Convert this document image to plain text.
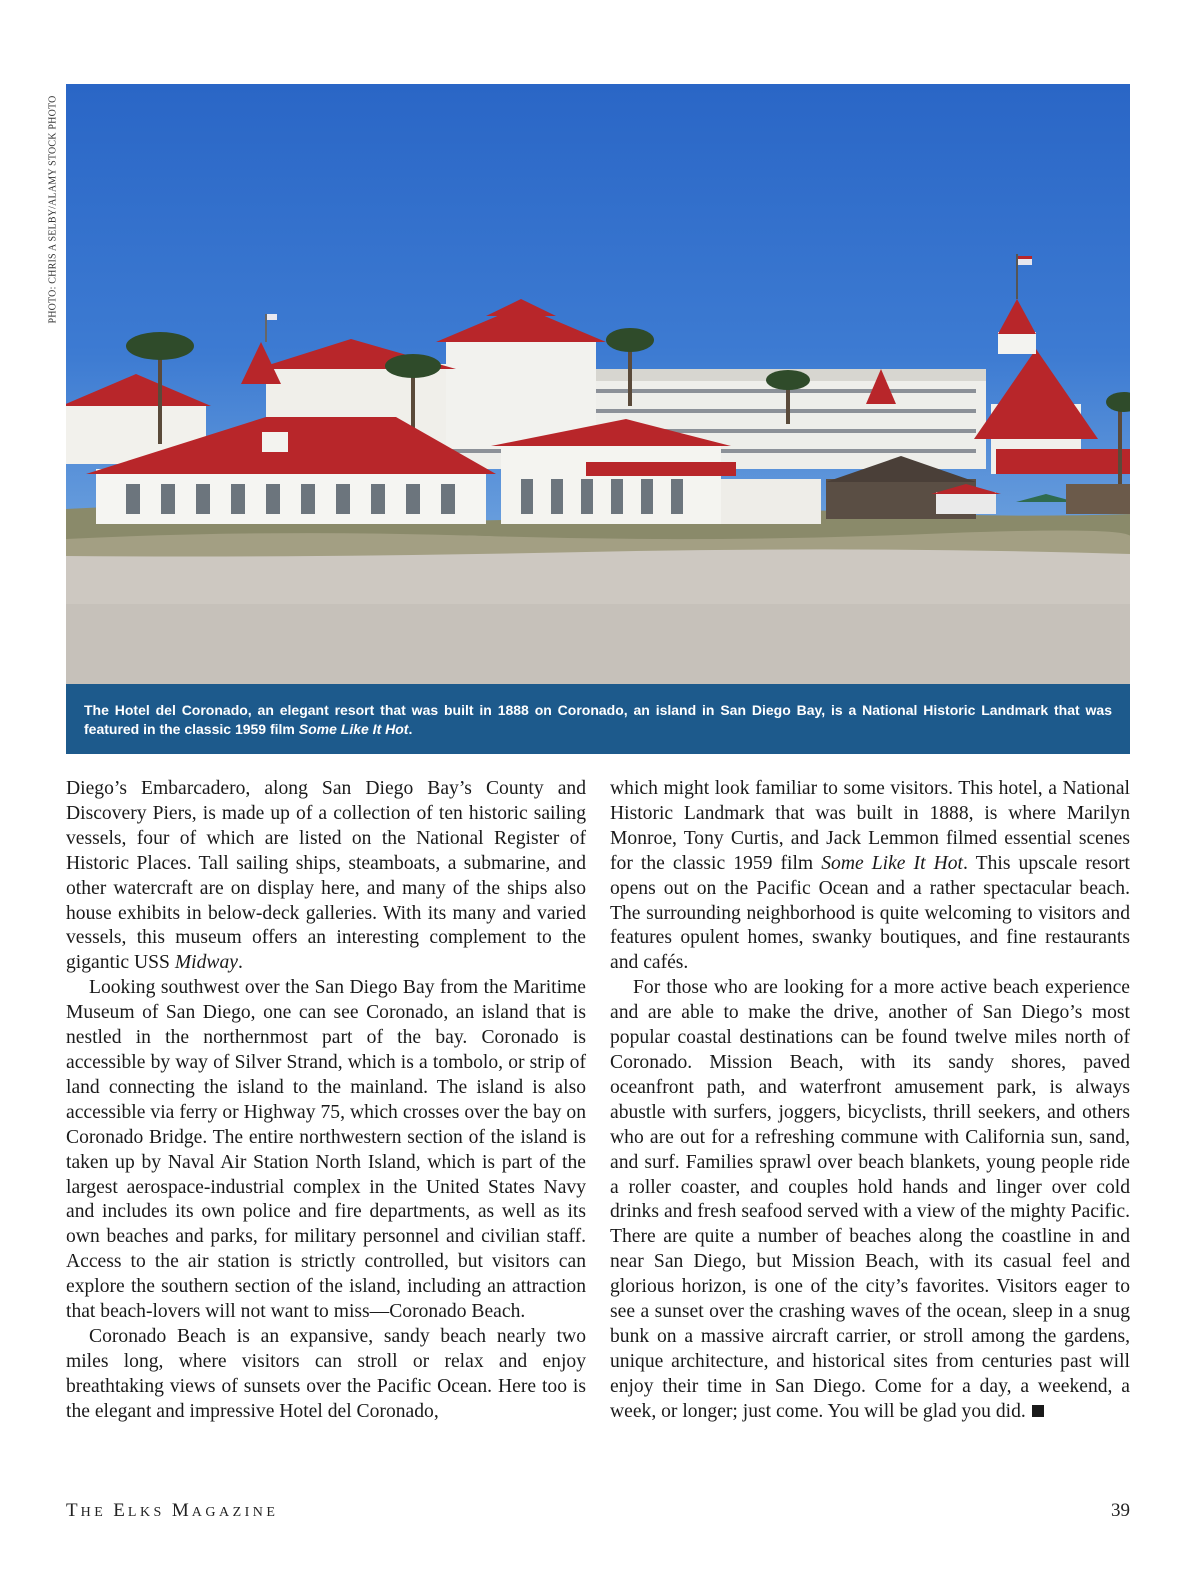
PHOTO: CHRIS A SELBY/ALAMY STOCK PHOTO
The Hotel del Coronado, an elegant resort that was built in 1888 on Coronado, an island in San Diego Bay, is a National Historic Landmark that was featured in the classic 1959 film Some Like It Hot.

Diego’s Embarcadero, along San Diego Bay’s County and Discovery Piers, is made up of a collection of ten historic sailing vessels, four of which are listed on the National Register of Historic Places. Tall sailing ships, steamboats, a submarine, and other watercraft are on display here, and many of the ships also house exhibits in below-deck galleries. With its many and varied vessels, this museum offers an interesting complement to the gigantic USS Midway.

Looking southwest over the San Diego Bay from the Maritime Museum of San Diego, one can see Coronado, an island that is nestled in the northernmost part of the bay. Coronado is accessible by way of Silver Strand, which is a tombolo, or strip of land connecting the island to the mainland. The island is also accessible via ferry or Highway 75, which crosses over the bay on Coronado Bridge. The entire northwestern section of the island is taken up by Naval Air Station North Island, which is part of the largest aerospace-industrial complex in the United States Navy and includes its own police and fire departments, as well as its own beaches and parks, for military personnel and civilian staff. Access to the air station is strictly controlled, but visitors can explore the southern section of the island, including an attraction that beach-lovers will not want to miss—Coronado Beach.

Coronado Beach is an expansive, sandy beach nearly two miles long, where visitors can stroll or relax and enjoy breathtaking views of sunsets over the Pacific Ocean. Here too is the elegant and impressive Hotel del Coronado,

which might look familiar to some visitors. This hotel, a National Historic Landmark that was built in 1888, is where Marilyn Monroe, Tony Curtis, and Jack Lemmon filmed essential scenes for the classic 1959 film Some Like It Hot. This upscale resort opens out on the Pacific Ocean and a rather spectacular beach. The surrounding neighborhood is quite welcoming to visitors and features opulent homes, swanky boutiques, and fine restaurants and cafés.

For those who are looking for a more active beach experience and are able to make the drive, another of San Diego’s most popular coastal destinations can be found twelve miles north of Coronado. Mission Beach, with its sandy shores, paved oceanfront path, and waterfront amusement park, is always abustle with surfers, joggers, bicyclists, thrill seekers, and others who are out for a refreshing commune with California sun, sand, and surf. Families sprawl over beach blankets, young people ride a roller coaster, and couples hold hands and linger over cold drinks and fresh seafood served with a view of the mighty Pacific. There are quite a number of beaches along the coastline in and near San Diego, but Mission Beach, with its casual feel and glorious horizon, is one of the city’s favorites. Visitors eager to see a sunset over the crashing waves of the ocean, sleep in a snug bunk on a massive aircraft carrier, or stroll among the gardens, unique architecture, and historical sites from centuries past will enjoy their time in San Diego. Come for a day, a weekend, a week, or longer; just come. You will be glad you did.

THE ELKS MAGAZINE	39
